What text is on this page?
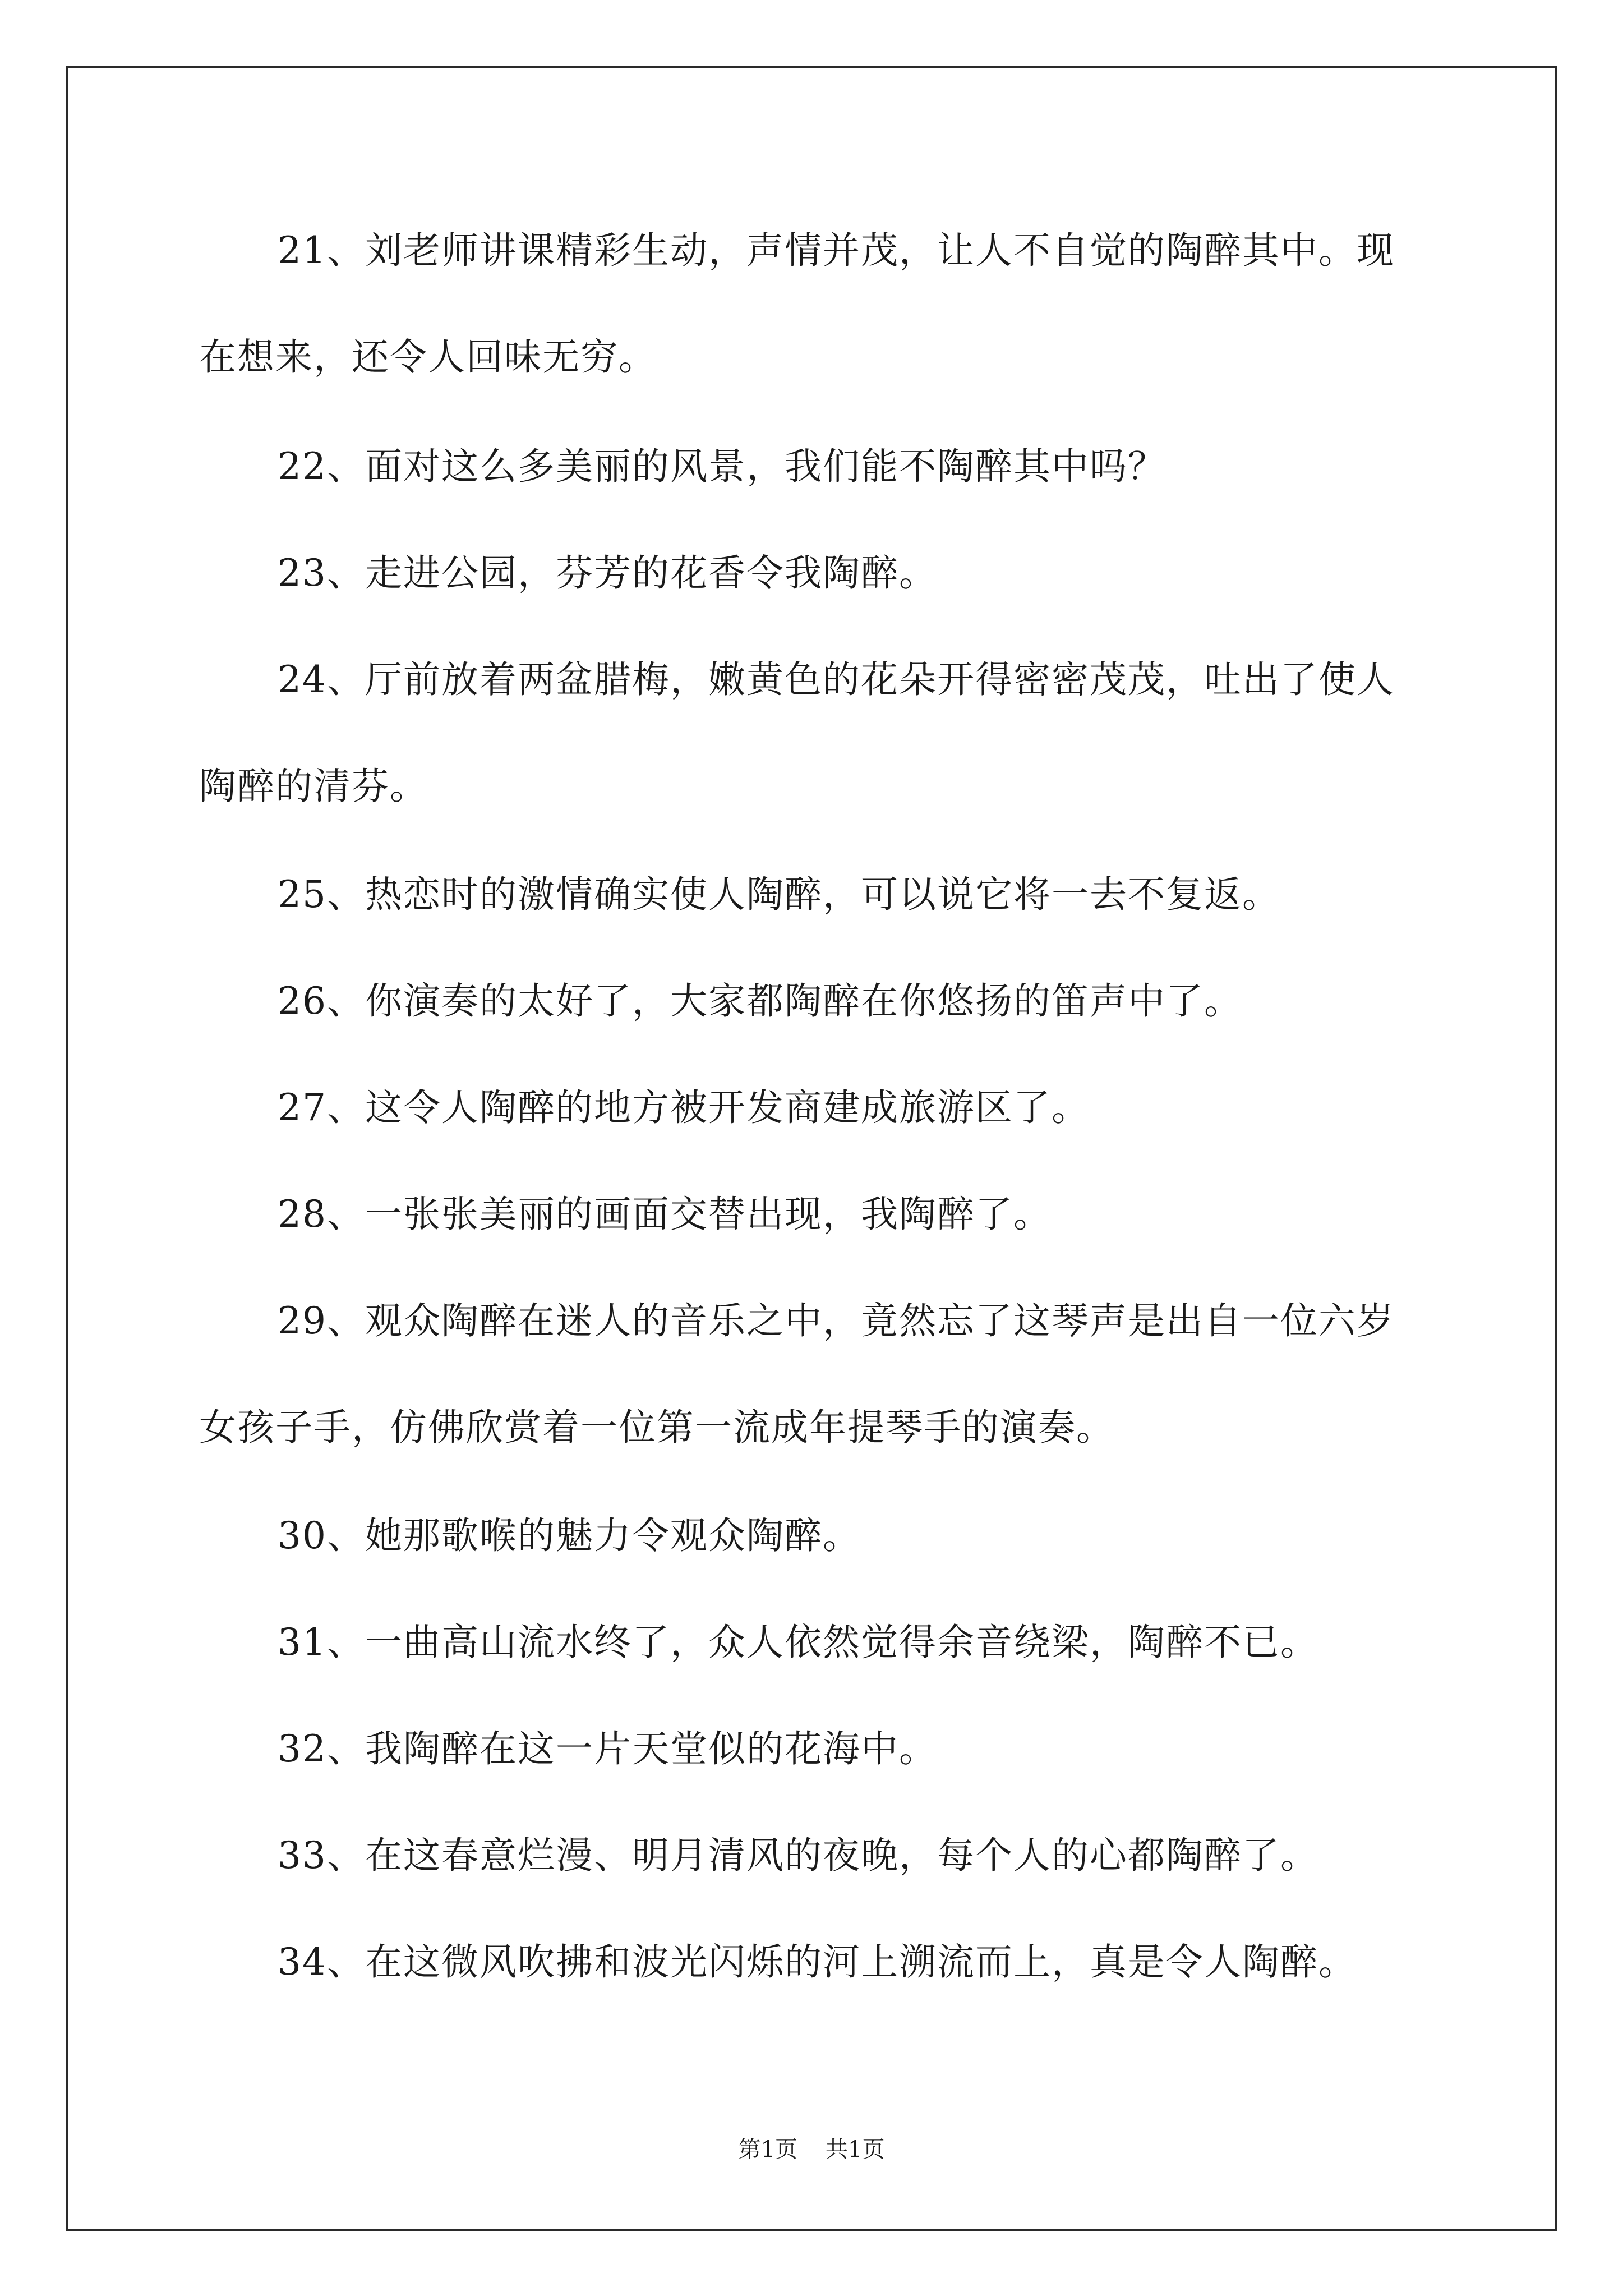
21、刘老师讲课精彩生动，声情并茂，让人不自觉的陶醉其中。现在想来，还令人回味无穷。

22、面对这么多美丽的风景，我们能不陶醉其中吗？

23、走进公园，芬芳的花香令我陶醉。

24、厅前放着两盆腊梅，嫩黄色的花朵开得密密茂茂，吐出了使人陶醉的清芬。

25、热恋时的激情确实使人陶醉，可以说它将一去不复返。

26、你演奏的太好了，大家都陶醉在你悠扬的笛声中了。

27、这令人陶醉的地方被开发商建成旅游区了。

28、一张张美丽的画面交替出现，我陶醉了。

29、观众陶醉在迷人的音乐之中，竟然忘了这琴声是出自一位六岁女孩子手，仿佛欣赏着一位第一流成年提琴手的演奏。

30、她那歌喉的魅力令观众陶醉。

31、一曲高山流水终了，众人依然觉得余音绕梁，陶醉不已。

32、我陶醉在这一片天堂似的花海中。

33、在这春意烂漫、明月清风的夜晚，每个人的心都陶醉了。

34、在这微风吹拂和波光闪烁的河上溯流而上，真是令人陶醉。

第1页 共1页
